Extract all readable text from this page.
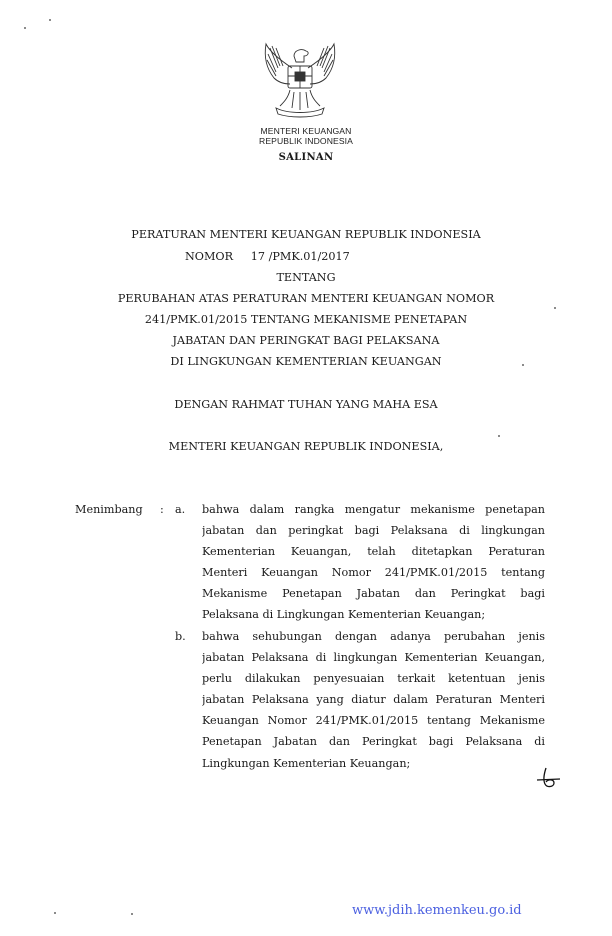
MENTERI KEUANGAN
REPUBLIK INDONESIA
SALINAN
PERATURAN MENTERI KEUANGAN REPUBLIK INDONESIA
NOMOR 17 /PMK.01/2017
TENTANG
PERUBAHAN ATAS PERATURAN MENTERI KEUANGAN NOMOR
241/PMK.01/2015 TENTANG MEKANISME PENETAPAN
JABATAN DAN PERINGKAT BAGI PELAKSANA
DI LINGKUNGAN KEMENTERIAN KEUANGAN
DENGAN RAHMAT TUHAN YANG MAHA ESA
MENTERI KEUANGAN REPUBLIK INDONESIA,
Menimbang : a. bahwa dalam rangka mengatur mekanisme penetapan
jabatan dan peringkat bagi Pelaksana di lingkungan
Kementerian Keuangan, telah ditetapkan Peraturan
Menteri Keuangan Nomor 241/PMK.01/2015 tentang
Mekanisme Penetapan Jabatan dan Peringkat bagi
Pelaksana di Lingkungan Kementerian Keuangan;
b. bahwa sehubungan dengan adanya perubahan jenis
jabatan Pelaksana di lingkungan Kementerian Keuangan,
perlu dilakukan penyesuaian terkait ketentuan jenis
jabatan Pelaksana yang diatur dalam Peraturan Menteri
Keuangan Nomor 241/PMK.01/2015 tentang Mekanisme
Penetapan Jabatan dan Peringkat bagi Pelaksana di
Lingkungan Kementerian Keuangan;
www.jdih.kemenkeu.go.id
